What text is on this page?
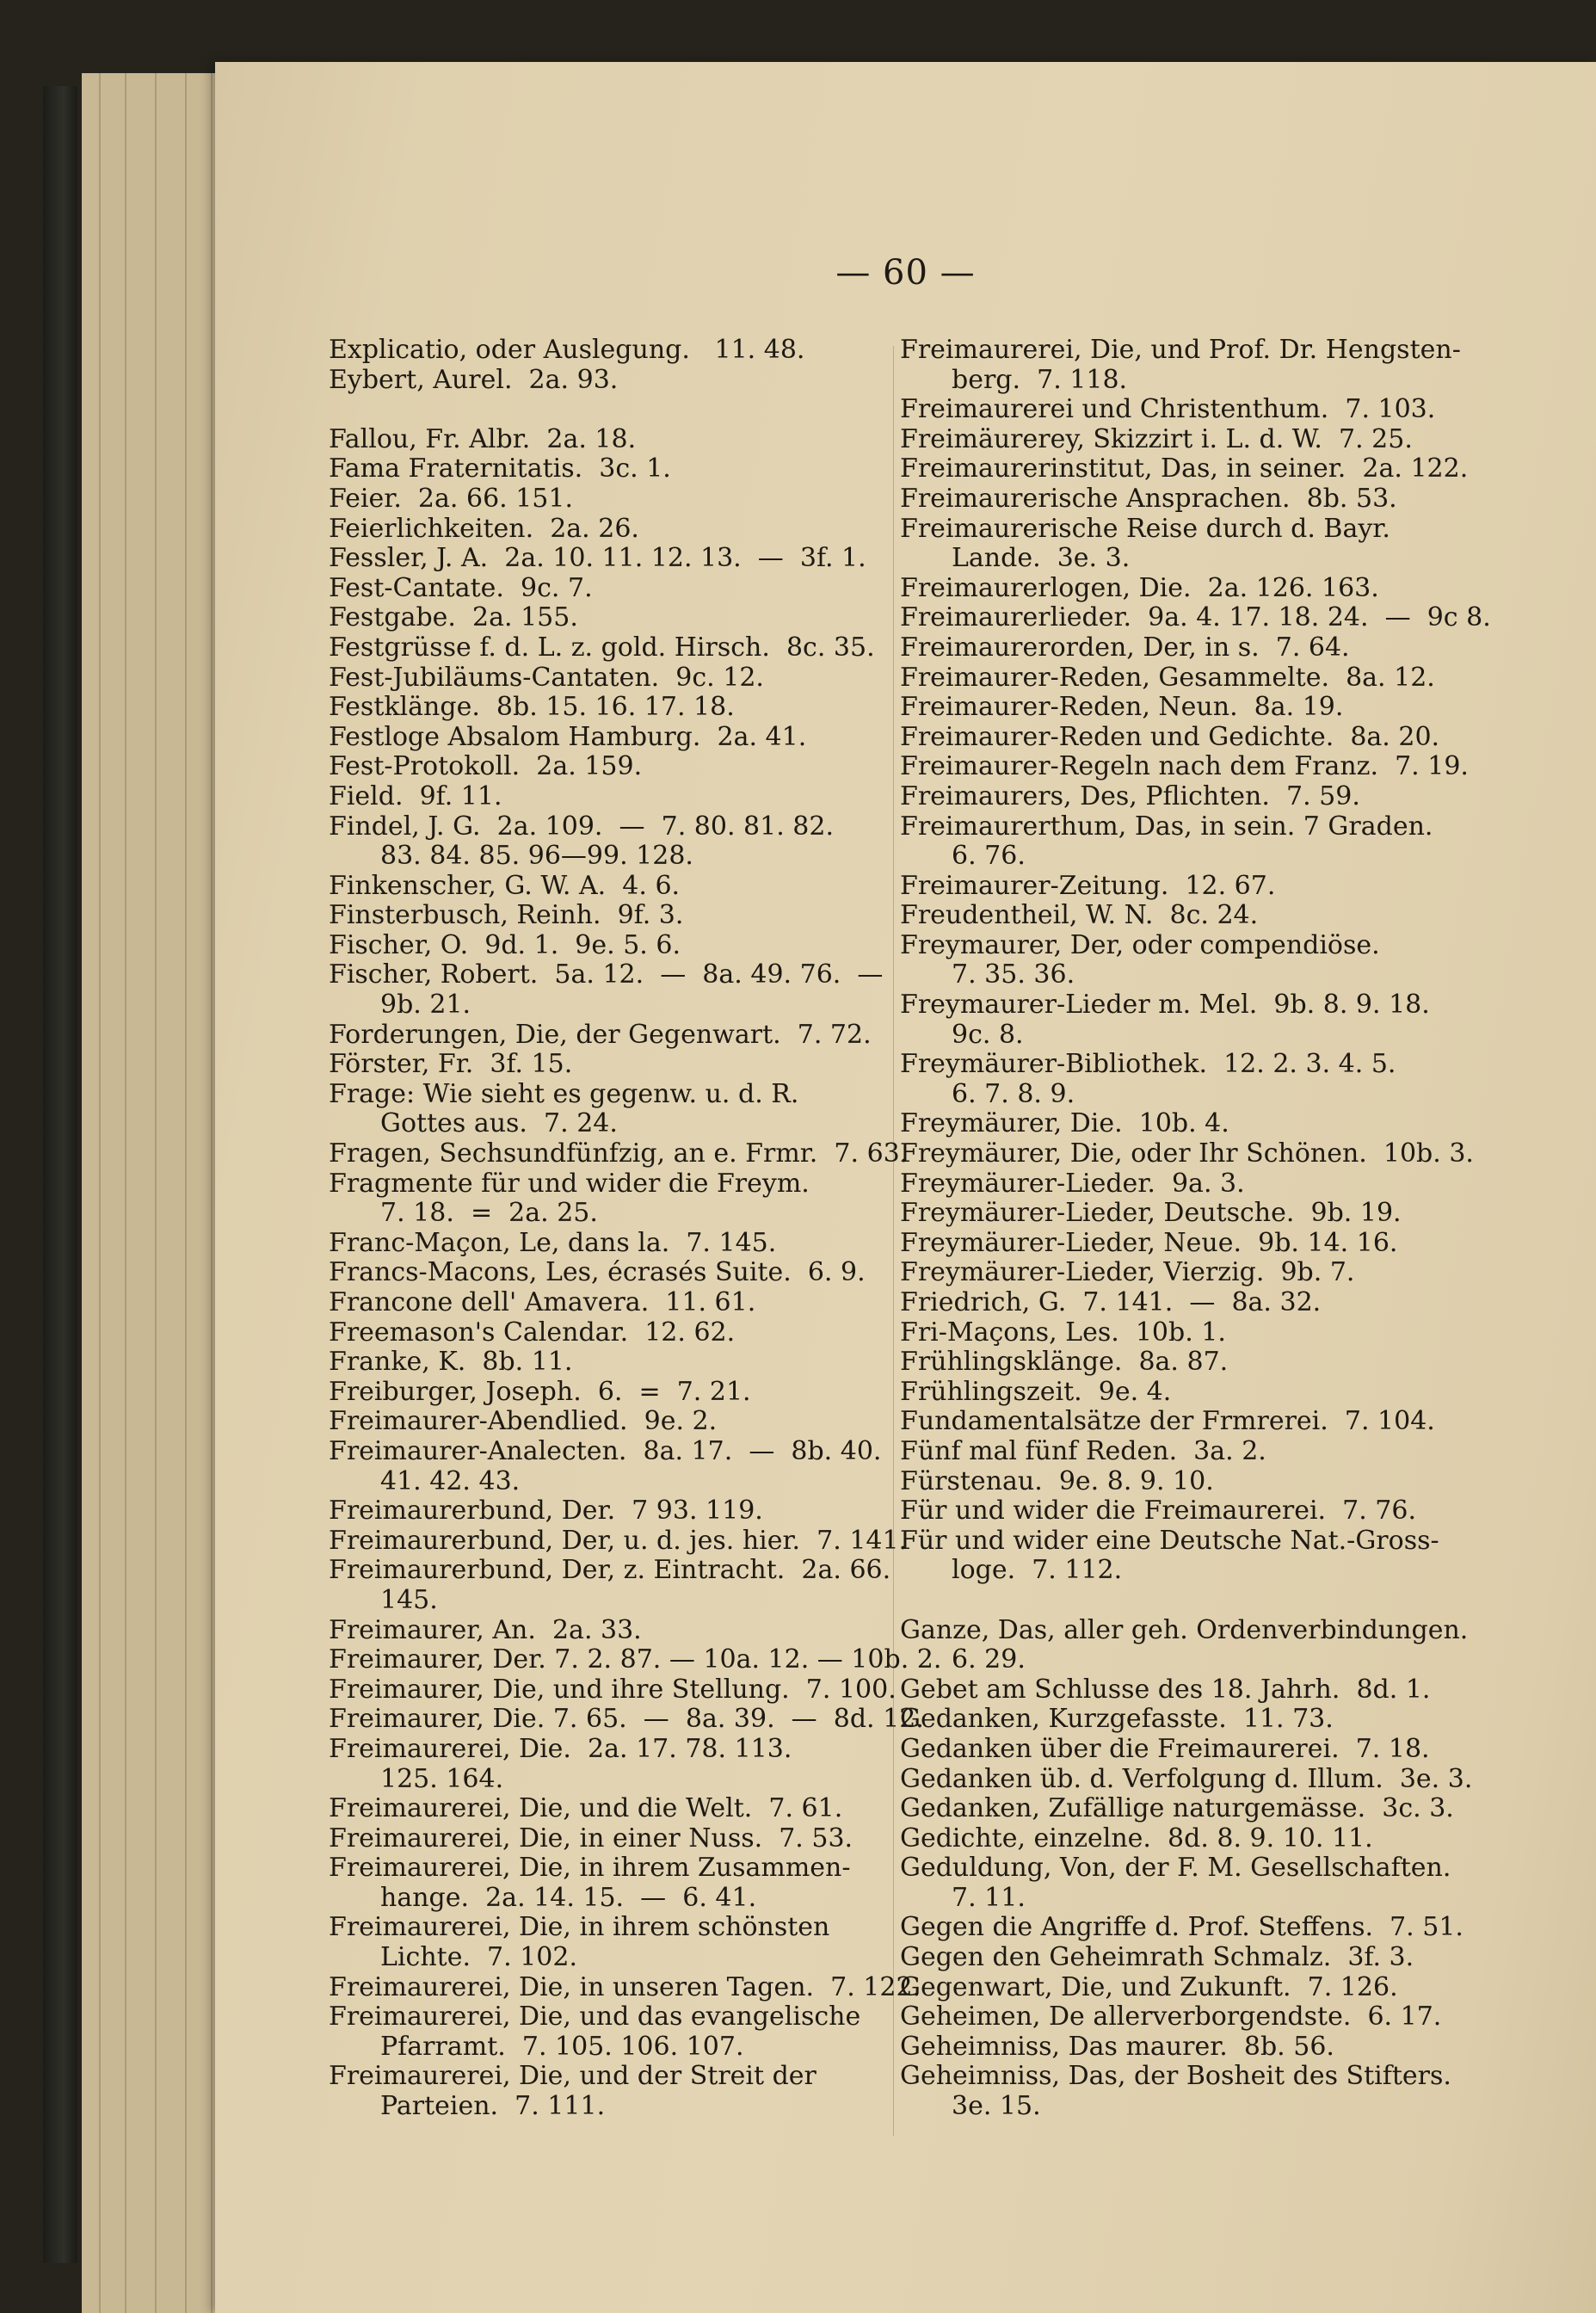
— 60 —
Explicatio, oder Auslegung.   11. 48.
Eybert, Aurel.  2a. 93.
Fallou, Fr. Albr.  2a. 18.
Fama Fraternitatis.  3c. 1.
Feier.  2a. 66. 151.
Feierlichkeiten.  2a. 26.
Fessler, J. A.  2a. 10. 11. 12. 13.  —  3f. 1.
Fest-Cantate.  9c. 7.
Festgabe.  2a. 155.
Festgrüsse f. d. L. z. gold. Hirsch.  8c. 35.
Fest-Jubiläums-Cantaten.  9c. 12.
Festklänge.  8b. 15. 16. 17. 18.
Festloge Absalom Hamburg.  2a. 41.
Fest-Protokoll.  2a. 159.
Field.  9f. 11.
Findel, J. G.  2a. 109.  —  7. 80. 81. 82.
83. 84. 85. 96—99. 128.
Finkenscher, G. W. A.  4. 6.
Finsterbusch, Reinh.  9f. 3.
Fischer, O.  9d. 1.  9e. 5. 6.
Fischer, Robert.  5a. 12.  —  8a. 49. 76.  —
9b. 21.
Forderungen, Die, der Gegenwart.  7. 72.
Förster, Fr.  3f. 15.
Frage: Wie sieht es gegenw. u. d. R.
Gottes aus.  7. 24.
Fragen, Sechsundfünfzig, an e. Frmr.  7. 63.
Fragmente für und wider die Freym.
7. 18.  =  2a. 25.
Franc-Maçon, Le, dans la.  7. 145.
Francs-Macons, Les, écrasés Suite.  6. 9.
Francone dell' Amavera.  11. 61.
Freemason's Calendar.  12. 62.
Franke, K.  8b. 11.
Freiburger, Joseph.  6.  =  7. 21.
Freimaurer-Abendlied.  9e. 2.
Freimaurer-Analecten.  8a. 17.  —  8b. 40.
41. 42. 43.
Freimaurerbund, Der.  7 93. 119.
Freimaurerbund, Der, u. d. jes. hier.  7. 141.
Freimaurerbund, Der, z. Eintracht.  2a. 66.
145.
Freimaurer, An.  2a. 33.
Freimaurer, Der. 7. 2. 87. — 10a. 12. — 10b. 2.
Freimaurer, Die, und ihre Stellung.  7. 100.
Freimaurer, Die. 7. 65.  —  8a. 39.  —  8d. 12.
Freimaurerei, Die.  2a. 17. 78. 113.
125. 164.
Freimaurerei, Die, und die Welt.  7. 61.
Freimaurerei, Die, in einer Nuss.  7. 53.
Freimaurerei, Die, in ihrem Zusammen-
hange.  2a. 14. 15.  —  6. 41.
Freimaurerei, Die, in ihrem schönsten
Lichte.  7. 102.
Freimaurerei, Die, in unseren Tagen.  7. 122.
Freimaurerei, Die, und das evangelische
Pfarramt.  7. 105. 106. 107.
Freimaurerei, Die, und der Streit der
Parteien.  7. 111.
Freimaurerei, Die, und Prof. Dr. Hengsten-
berg.  7. 118.
Freimaurerei und Christenthum.  7. 103.
Freimäurerey, Skizzirt i. L. d. W.  7. 25.
Freimaurerinstitut, Das, in seiner.  2a. 122.
Freimaurerische Ansprachen.  8b. 53.
Freimaurerische Reise durch d. Bayr.
Lande.  3e. 3.
Freimaurerlogen, Die.  2a. 126. 163.
Freimaurerlieder.  9a. 4. 17. 18. 24.  —  9c 8.
Freimaurerorden, Der, in s.  7. 64.
Freimaurer-Reden, Gesammelte.  8a. 12.
Freimaurer-Reden, Neun.  8a. 19.
Freimaurer-Reden und Gedichte.  8a. 20.
Freimaurer-Regeln nach dem Franz.  7. 19.
Freimaurers, Des, Pflichten.  7. 59.
Freimaurerthum, Das, in sein. 7 Graden.
6. 76.
Freimaurer-Zeitung.  12. 67.
Freudentheil, W. N.  8c. 24.
Freymaurer, Der, oder compendiöse.
7. 35. 36.
Freymaurer-Lieder m. Mel.  9b. 8. 9. 18.
9c. 8.
Freymäurer-Bibliothek.  12. 2. 3. 4. 5.
6. 7. 8. 9.
Freymäurer, Die.  10b. 4.
Freymäurer, Die, oder Ihr Schönen.  10b. 3.
Freymäurer-Lieder.  9a. 3.
Freymäurer-Lieder, Deutsche.  9b. 19.
Freymäurer-Lieder, Neue.  9b. 14. 16.
Freymäurer-Lieder, Vierzig.  9b. 7.
Friedrich, G.  7. 141.  —  8a. 32.
Fri-Maçons, Les.  10b. 1.
Frühlingsklänge.  8a. 87.
Frühlingszeit.  9e. 4.
Fundamentalsätze der Frmrerei.  7. 104.
Fünf mal fünf Reden.  3a. 2.
Fürstenau.  9e. 8. 9. 10.
Für und wider die Freimaurerei.  7. 76.
Für und wider eine Deutsche Nat.-Gross-
loge.  7. 112.
Ganze, Das, aller geh. Ordenverbindungen.
6. 29.
Gebet am Schlusse des 18. Jahrh.  8d. 1.
Gedanken, Kurzgefasste.  11. 73.
Gedanken über die Freimaurerei.  7. 18.
Gedanken üb. d. Verfolgung d. Illum.  3e. 3.
Gedanken, Zufällige naturgemässe.  3c. 3.
Gedichte, einzelne.  8d. 8. 9. 10. 11.
Geduldung, Von, der F. M. Gesellschaften.
7. 11.
Gegen die Angriffe d. Prof. Steffens.  7. 51.
Gegen den Geheimrath Schmalz.  3f. 3.
Gegenwart, Die, und Zukunft.  7. 126.
Geheimen, De allerverborgendste.  6. 17.
Geheimniss, Das maurer.  8b. 56.
Geheimniss, Das, der Bosheit des Stifters.
3e. 15.
